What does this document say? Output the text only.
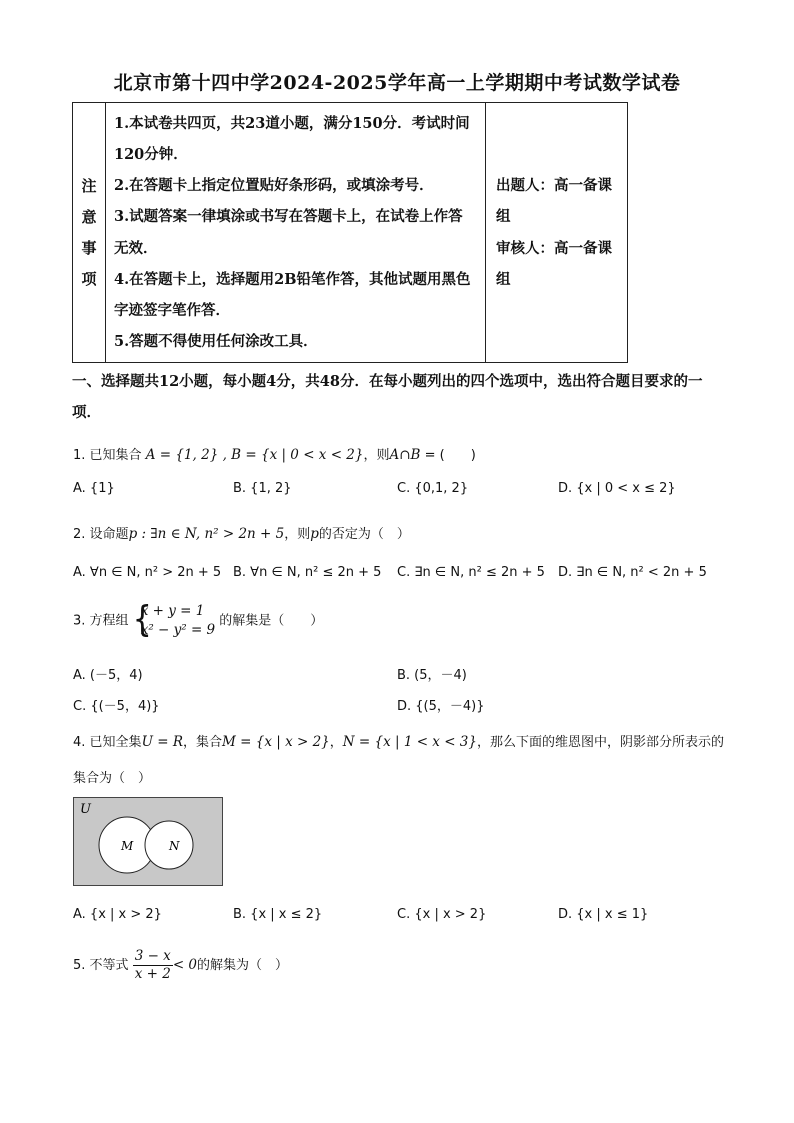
北京市第十四中学2024-2025学年高一上学期期中考试数学试卷
注
意
事
项

1.本试卷共四页，共23道小题，满分150分．考试时间120分钟．
2.在答题卡上指定位置贴好条形码，或填涂考号．
3.试题答案一律填涂或书写在答题卡上，在试卷上作答无效．
4.在答题卡上，选择题用2B铅笔作答，其他试题用黑色字迹签字笔作答．
5.答题不得使用任何涂改工具．

出题人：高一备课组
审核人：高一备课组
一、选择题共12小题，每小题4分，共48分．在每小题列出的四个选项中，选出符合题目要求的一项．
1. 已知集合 A = {1, 2} , B = {x | 0 < x < 2}，则A∩B = (　　)
A. {1}	B. {1, 2}	C. {0,1, 2}	D. {x | 0 < x ≤ 2}
2. 设命题p : ∃n ∈ N, n² > 2n + 5，则p的否定为（　）
A. ∀n ∈ N, n² > 2n + 5 B. ∀n ∈ N, n² ≤ 2n + 5 C. ∃n ∈ N, n² ≤ 2n + 5 D. ∃n ∈ N, n² < 2n + 5
3. 方程组 {
x + y = 1
x² − y² = 9
的解集是（　　）
A. (－5，4)	B. (5，－4)
C. {(－5，4)}	D. {(5，－4)}
4. 已知全集U = R，集合M = {x | x > 2}，N = {x | 1 < x < 3}，那么下面的维恩图中，阴影部分所表示的
集合为（　）
U
M	N
A. {x | x > 2}	B. {x | x ≤ 2}	C. {x | x > 2}	D. {x | x ≤ 1}
5. 不等式 $\frac{3 - x}{x + 2} < 0$的解集为（　）
